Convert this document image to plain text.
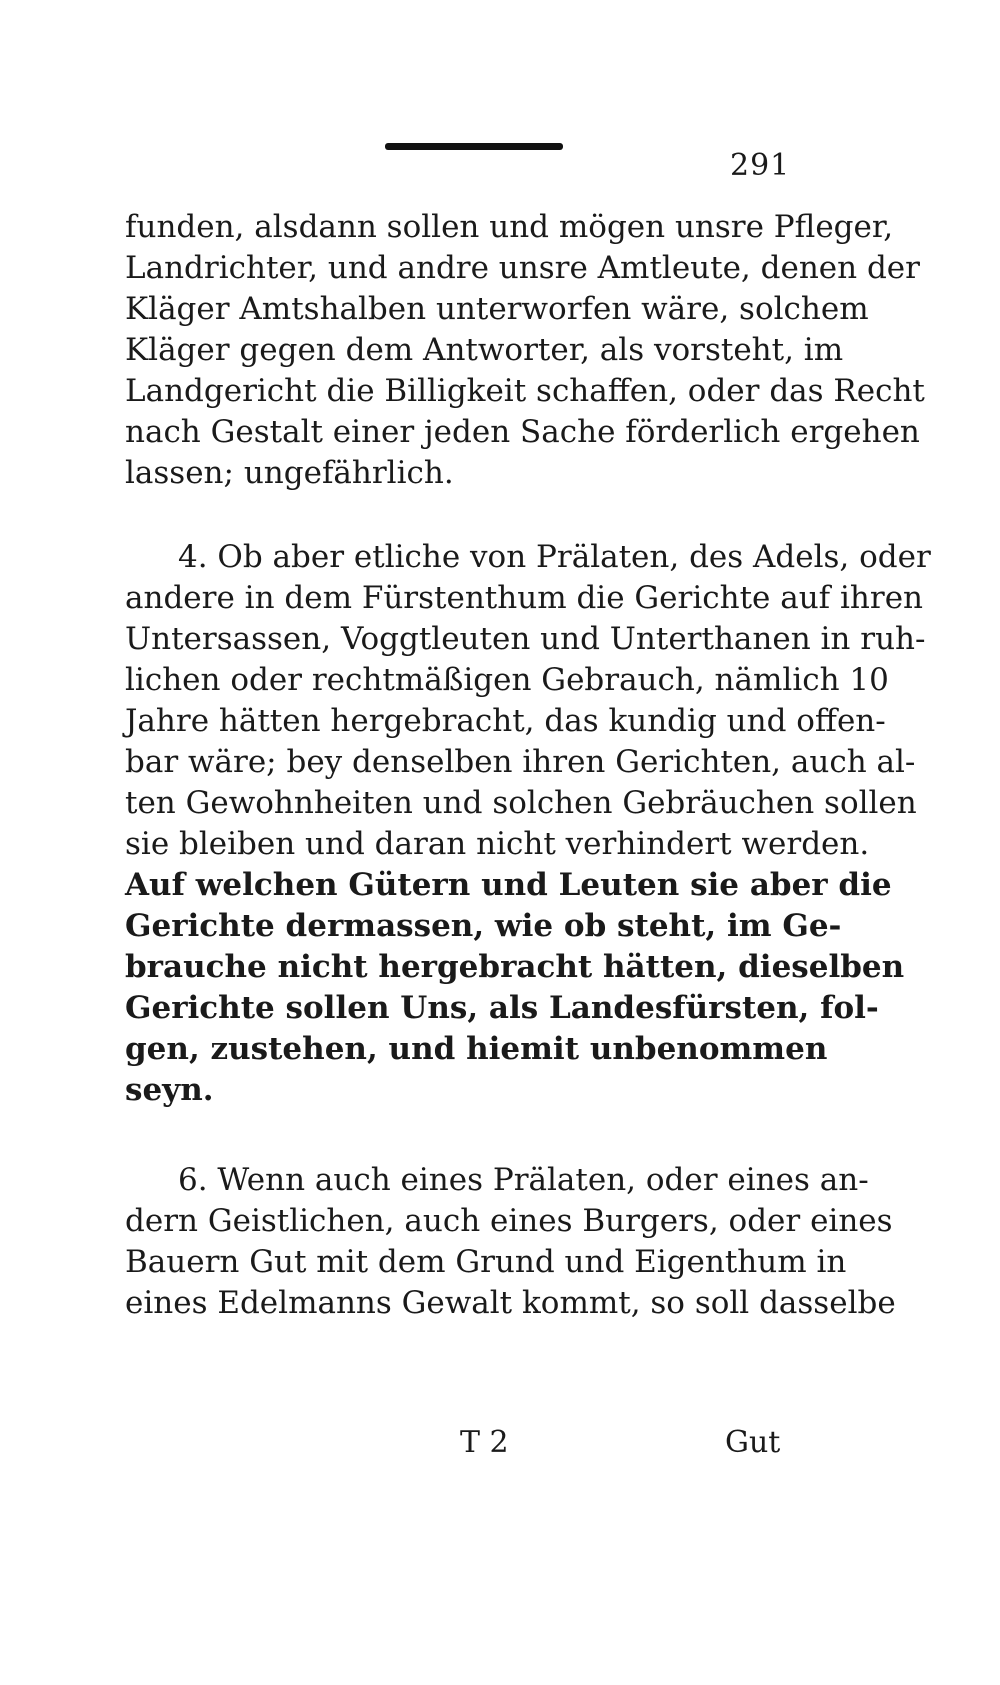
291
funden, alsdann sollen und mögen unsre Pfleger,
Landrichter, und andre unsre Amtleute, denen der
Kläger Amtshalben unterworfen wäre, solchem
Kläger gegen dem Antworter, als vorsteht, im
Landgericht die Billigkeit schaffen, oder das Recht
nach Gestalt einer jeden Sache förderlich ergehen
lassen; ungefährlich.
4. Ob aber etliche von Prälaten, des Adels, oder
andere in dem Fürstenthum die Gerichte auf ihren
Untersassen, Voggtleuten und Unterthanen in ruh-
lichen oder rechtmäßigen Gebrauch, nämlich 10
Jahre hätten hergebracht, das kundig und offen-
bar wäre; bey denselben ihren Gerichten, auch al-
ten Gewohnheiten und solchen Gebräuchen sollen
sie bleiben und daran nicht verhindert werden.
Auf welchen Gütern und Leuten sie aber die
Gerichte dermassen, wie ob steht, im Ge-
brauche nicht hergebracht hätten, dieselben
Gerichte sollen Uns, als Landesfürsten, fol-
gen, zustehen, und hiemit unbenommen
seyn.
6. Wenn auch eines Prälaten, oder eines an-
dern Geistlichen, auch eines Burgers, oder eines
Bauern Gut mit dem Grund und Eigenthum in
eines Edelmanns Gewalt kommt, so soll dasselbe
T 2	Gut
